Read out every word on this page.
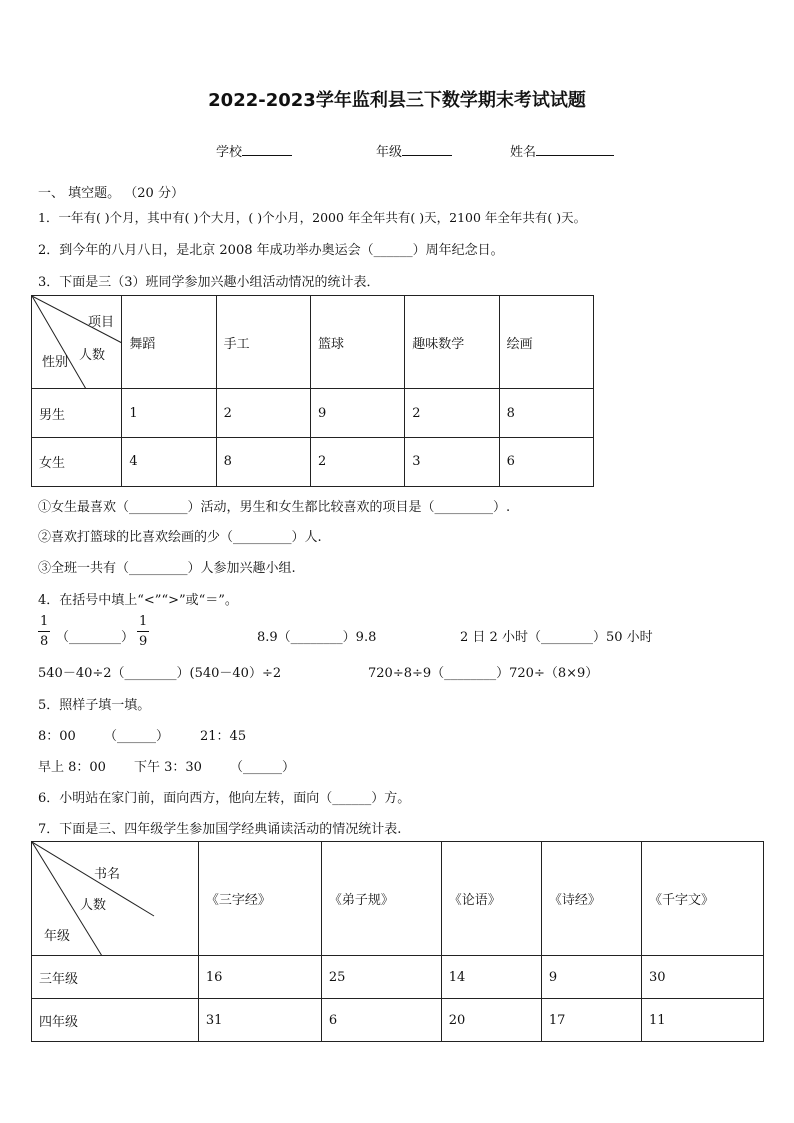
2022-2023学年监利县三下数学期末考试试题
学校	年级	姓名
一、 填空题。 （20 分）
1．一年有( )个月，其中有( )个大月，( )个小月，2000 年全年共有( )天，2100 年全年共有( )天。
2．到今年的八月八日，是北京 2008 年成功举办奥运会（______）周年纪念日。
3．下面是三（3）班同学参加兴趣小组活动情况的统计表．
项目
人数
性别	舞蹈	手工	篮球	趣味数学	绘画
男生	1	2	9	2	8
女生	4	8	2	3	6
①女生最喜欢（_________）活动，男生和女生都比较喜欢的项目是（_________）.
②喜欢打篮球的比喜欢绘画的少（_________）人.
③全班一共有（_________）人参加兴趣小组.
4．在括号中填上“<”“>”或“＝”。
$\frac{1}{8}$ （________） $\frac{1}{9}$	8.9（________）9.8	2 日 2 小时（________）50 小时
540－40÷2（________）(540－40）÷2	720÷8÷9（________）720÷（8×9）
5．照样子填一填。
8：00 （______） 21：45
早上 8：00 下午 3：30 （______）
6．小明站在家门前，面向西方，他向左转，面向（______）方。
7．下面是三、四年级学生参加国学经典诵读活动的情况统计表.
书名
人数
年级	《三字经》	《弟子规》	《论语》	《诗经》	《千字文》
三年级	16	25	14	9	30
四年级	31	6	20	17	11
